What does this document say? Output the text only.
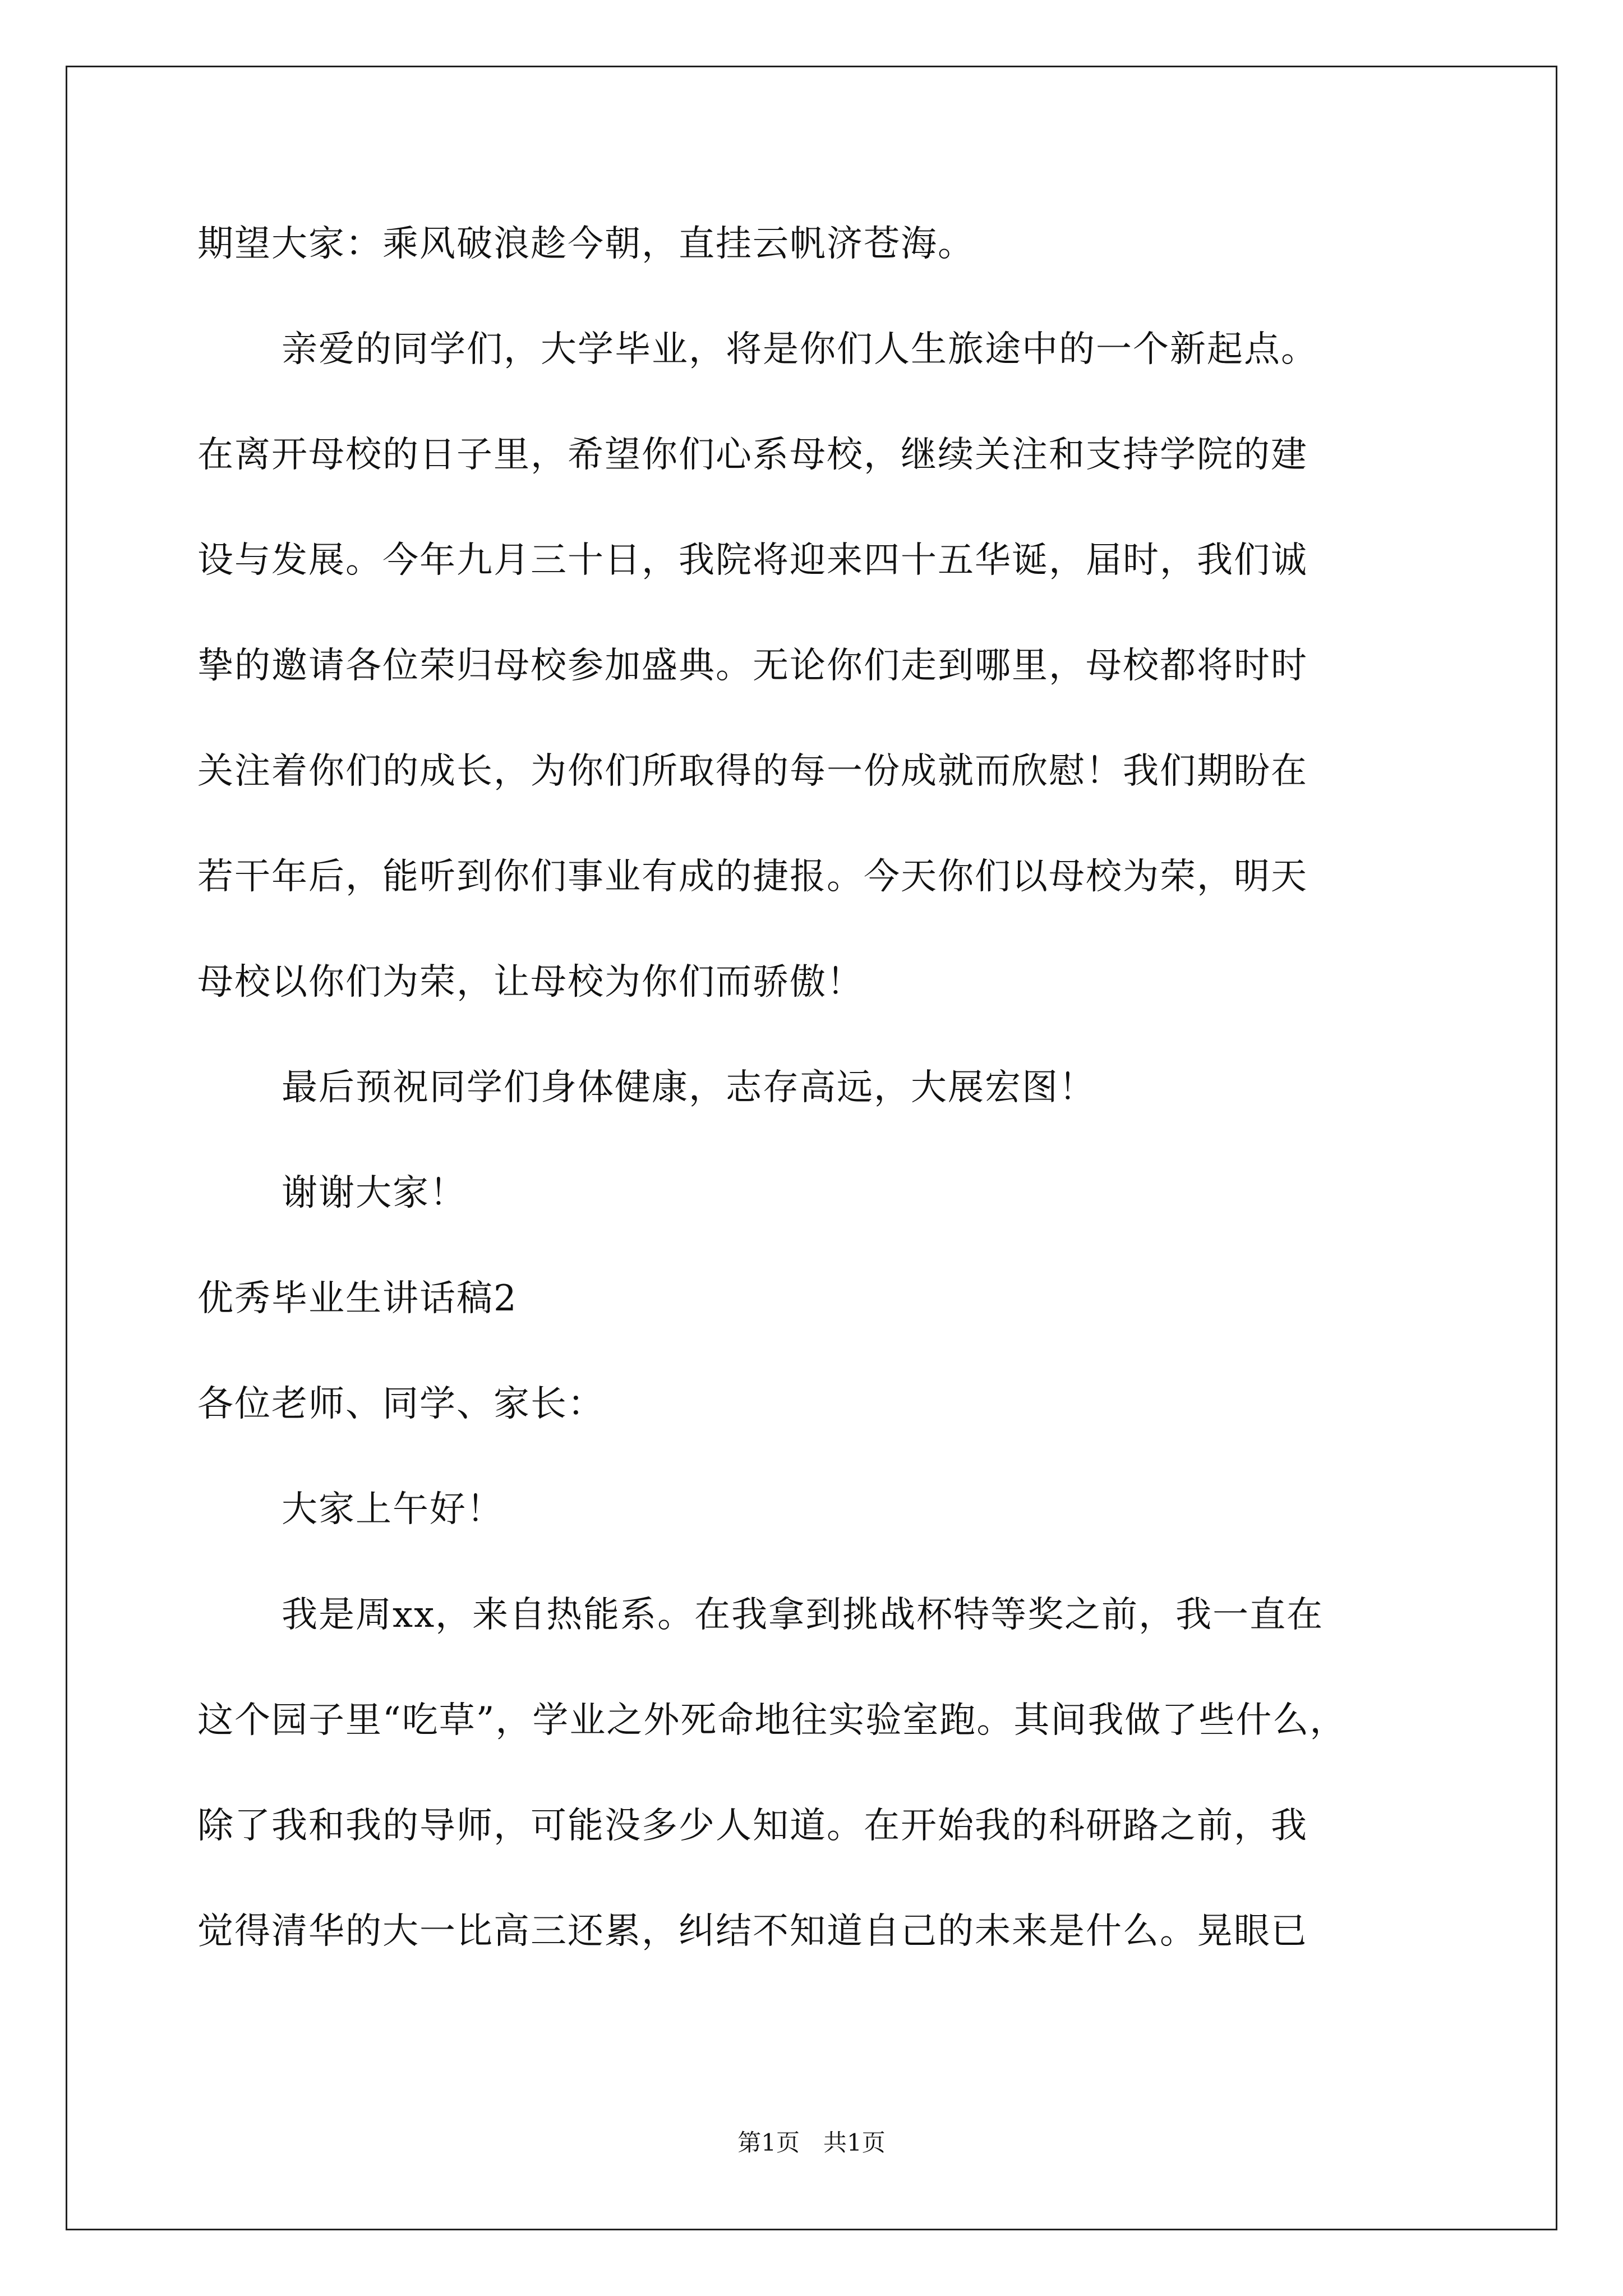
期望大家：乘风破浪趁今朝，直挂云帆济苍海。
亲爱的同学们，大学毕业，将是你们人生旅途中的一个新起点。
在离开母校的日子里，希望你们心系母校，继续关注和支持学院的建
设与发展。今年九月三十日，我院将迎来四十五华诞，届时，我们诚
挚的邀请各位荣归母校参加盛典。无论你们走到哪里，母校都将时时
关注着你们的成长，为你们所取得的每一份成就而欣慰！我们期盼在
若干年后，能听到你们事业有成的捷报。今天你们以母校为荣，明天
母校以你们为荣，让母校为你们而骄傲！
最后预祝同学们身体健康，志存高远，大展宏图！
谢谢大家！
优秀毕业生讲话稿2
各位老师、同学、家长：
大家上午好！
我是周xx，来自热能系。在我拿到挑战杯特等奖之前，我一直在
这个园子里“吃草”，学业之外死命地往实验室跑。其间我做了些什么，
除了我和我的导师，可能没多少人知道。在开始我的科研路之前，我
觉得清华的大一比高三还累，纠结不知道自己的未来是什么。晃眼已
第1页　共1页
